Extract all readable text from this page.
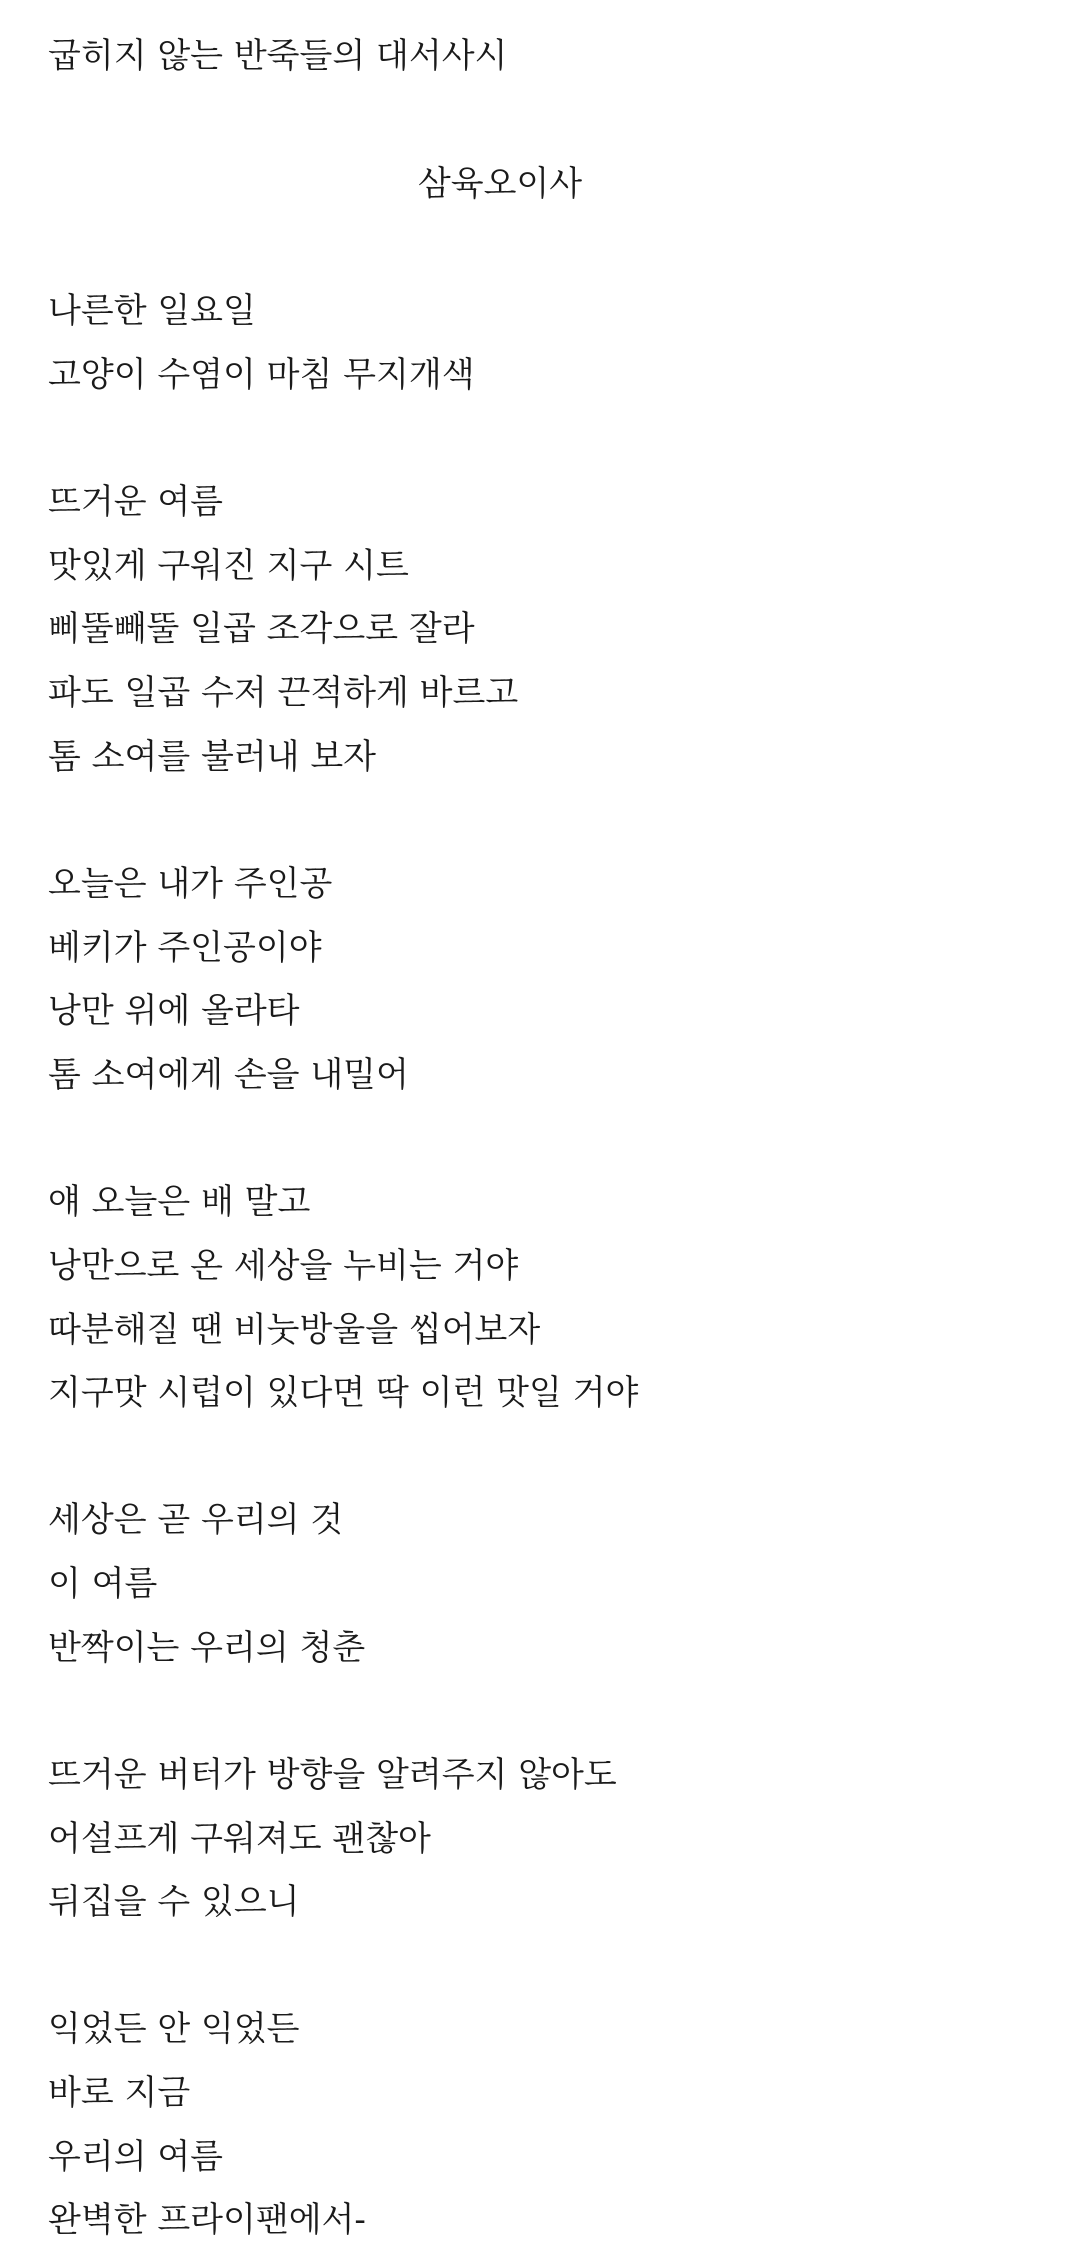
굽히지 않는 반죽들의 대서사시
삼육오이사
나른한 일요일
고양이 수염이 마침 무지개색
뜨거운 여름
맛있게 구워진 지구 시트
삐뚤빼뚤 일곱 조각으로 잘라
파도 일곱 수저 끈적하게 바르고
톰 소여를 불러내 보자
오늘은 내가 주인공
베키가 주인공이야
낭만 위에 올라타
톰 소여에게 손을 내밀어
얘 오늘은 배 말고
낭만으로 온 세상을 누비는 거야
따분해질 땐 비눗방울을 씹어보자
지구맛 시럽이 있다면 딱 이런 맛일 거야
세상은 곧 우리의 것
이 여름
반짝이는 우리의 청춘
뜨거운 버터가 방향을 알려주지 않아도
어설프게 구워져도 괜찮아
뒤집을 수 있으니
익었든 안 익었든
바로 지금
우리의 여름
완벽한 프라이팬에서-
